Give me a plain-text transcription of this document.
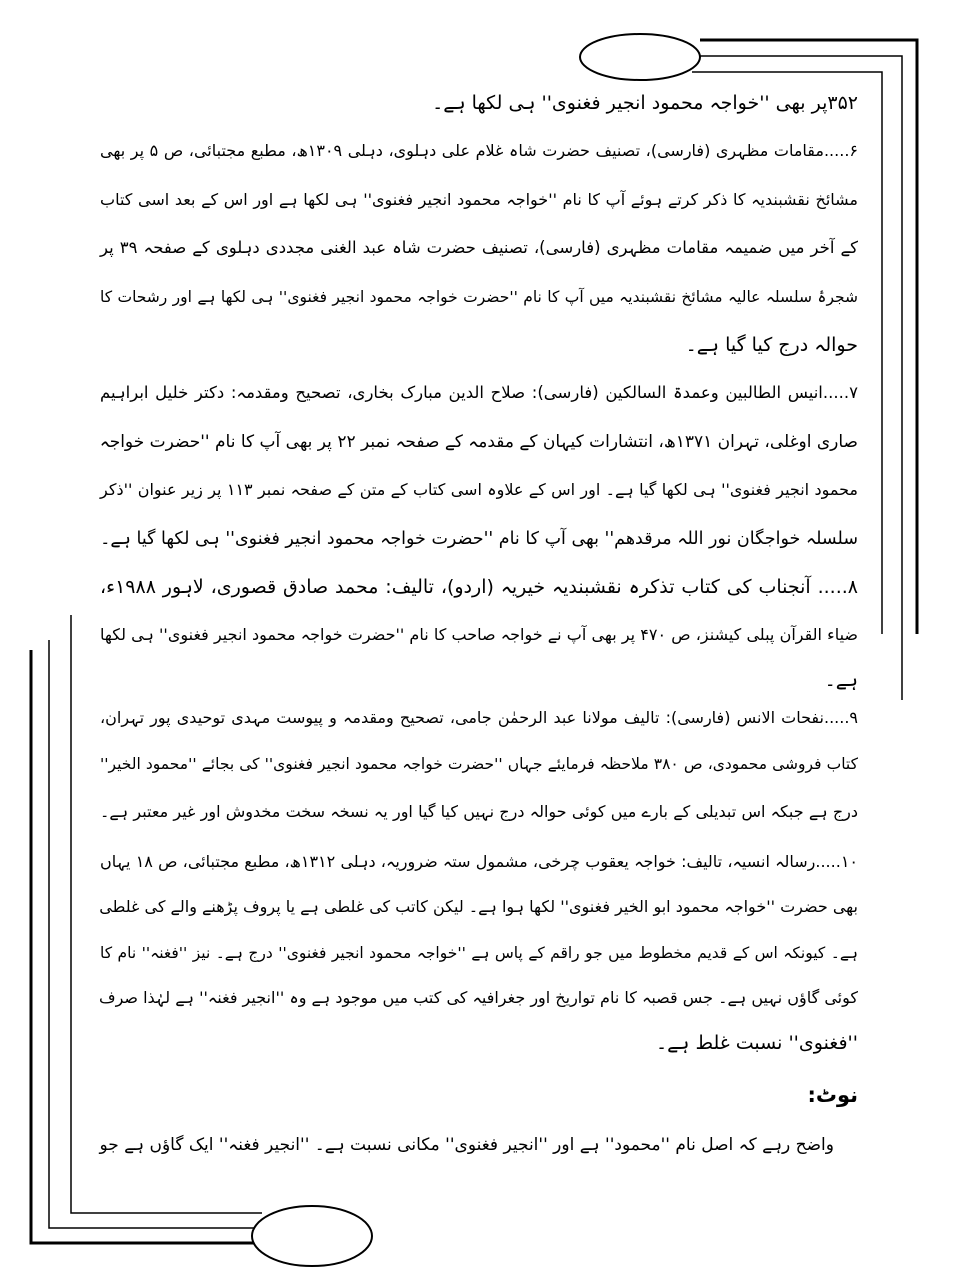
۳۵۲پر بھی ''خواجہ محمود انجیر فغنوی'' ہی لکھا ہے۔
۶.....مقامات مظہری (فارسی)، تصنیف حضرت شاہ غلام علی دہلوی، دہلی ۱۳۰۹ھ، مطبع مجتبائی، ص ۵ پر بھی
مشائخ نقشبندیہ کا ذکر کرتے ہوئے آپ کا نام ''خواجہ محمود انجیر فغنوی'' ہی لکھا ہے اور اس کے بعد اسی کتاب
کے آخر میں ضمیمہ مقامات مظہری (فارسی)، تصنیف حضرت شاہ عبد الغنی مجددی دہلوی کے صفحہ ۳۹ پر
شجرۂ سلسلہ عالیہ مشائخ نقشبندیہ میں آپ کا نام ''حضرت خواجہ محمود انجیر فغنوی'' ہی لکھا ہے اور رشحات کا
حوالہ درج کیا گیا ہے۔
۷.....انیس الطالبین وعمدۃ السالکین (فارسی): صلاح الدین مبارک بخاری، تصحیح ومقدمہ: دکتر خلیل ابراہیم
صاری اوغلی، تہران ۱۳۷۱ھ، انتشارات کیہان کے مقدمہ کے صفحہ نمبر ۲۲ پر بھی آپ کا نام ''حضرت خواجہ
محمود انجیر فغنوی'' ہی لکھا گیا ہے۔ اور اس کے علاوہ اسی کتاب کے متن کے صفحہ نمبر ۱۱۳ پر زیر عنوان ''ذکر
سلسلہ خواجگان نور اللہ مرقدھم'' بھی آپ کا نام ''حضرت خواجہ محمود انجیر فغنوی'' ہی لکھا گیا ہے۔
۸..... آنجناب کی کتاب تذکرہ نقشبندیہ خیریہ (اردو)، تالیف: محمد صادق قصوری، لاہور ۱۹۸۸ء،
ضیاء القرآن پبلی کیشنز، ص ۴۷۰ پر بھی آپ نے خواجہ صاحب کا نام ''حضرت خواجہ محمود انجیر فغنوی'' ہی لکھا
ہے۔
۹.....نفحات الانس (فارسی): تالیف مولانا عبد الرحمٰن جامی، تصحیح ومقدمہ و پیوست مہدی توحیدی پور تہران،
کتاب فروشی محمودی، ص ۳۸۰ ملاحظہ فرمایئے جہاں ''حضرت خواجہ محمود انجیر فغنوی'' کی بجائے ''محمود الخیر''
درج ہے جبکہ اس تبدیلی کے بارے میں کوئی حوالہ درج نہیں کیا گیا اور یہ نسخہ سخت مخدوش اور غیر معتبر ہے۔
۱۰.....رسالہ انسیہ، تالیف: خواجہ یعقوب چرخی، مشمول ستہ ضروریہ، دہلی ۱۳۱۲ھ، مطبع مجتبائی، ص ۱۸ یہاں
بھی حضرت ''خواجہ محمود ابو الخیر فغنوی'' لکھا ہوا ہے۔ لیکن کاتب کی غلطی ہے یا پروف پڑھنے والے کی غلطی
ہے۔ کیونکہ اس کے قدیم مخطوط میں جو راقم کے پاس ہے ''خواجہ محمود انجیر فغنوی'' درج ہے۔ نیز ''فغنہ'' نام کا
کوئی گاؤں نہیں ہے۔ جس قصبہ کا نام تواریخ اور جغرافیہ کی کتب میں موجود ہے وہ ''انجیر فغنہ'' ہے لہٰذا صرف
''فغنوی'' نسبت غلط ہے۔
نوٹ:
واضح رہے کہ اصل نام ''محمود'' ہے اور ''انجیر فغنوی'' مکانی نسبت ہے۔ ''انجیر فغنہ'' ایک گاؤں ہے جو
